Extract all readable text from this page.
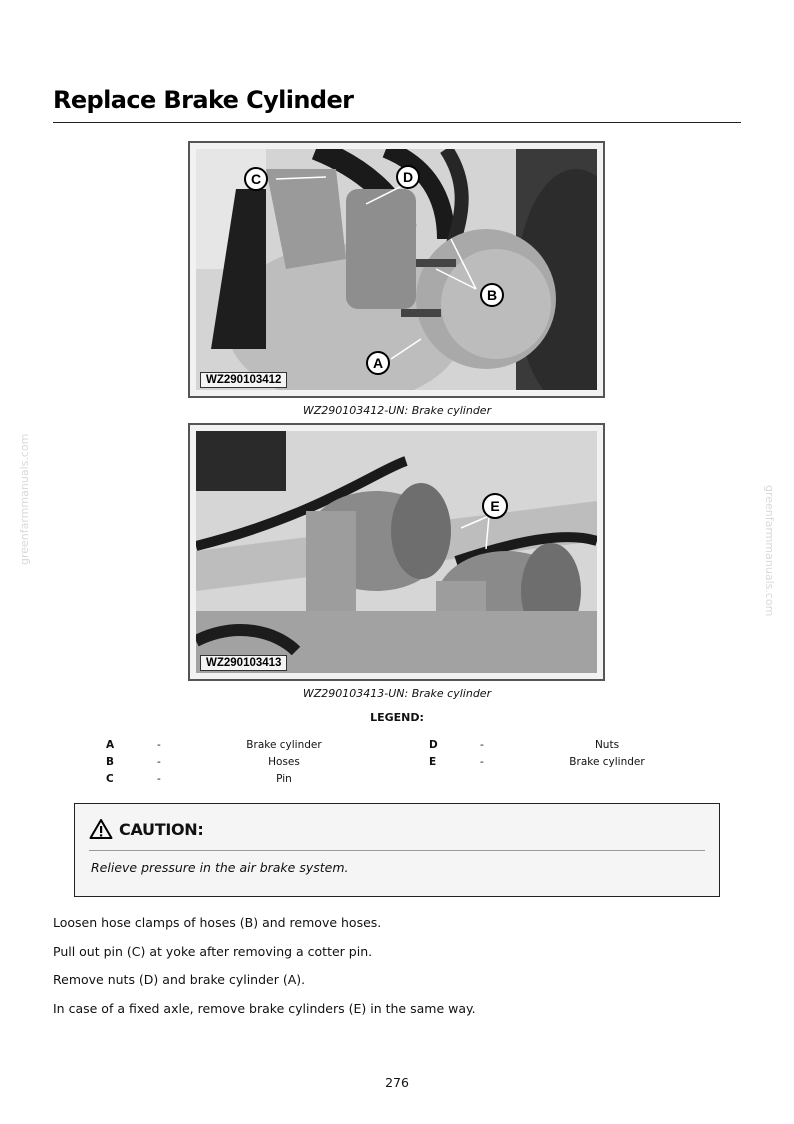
Replace Brake Cylinder
greenfarmmanuals.com	greenfarmmanuals.com
C	D
B
A
WZ290103412
WZ290103412-UN: Brake cylinder
E
WZ290103413
WZ290103413-UN: Brake cylinder
LEGEND:
A	-	Brake cylinder
B	-	Hoses
C	-	Pin
D	-	Nuts
E	-	Brake cylinder
CAUTION:
Relieve pressure in the air brake system.

Loosen hose clamps of hoses (B) and remove hoses.

Pull out pin (C) at yoke after removing a cotter pin.

Remove nuts (D) and brake cylinder (A).

In case of a fixed axle, remove brake cylinders (E) in the same way.

276
